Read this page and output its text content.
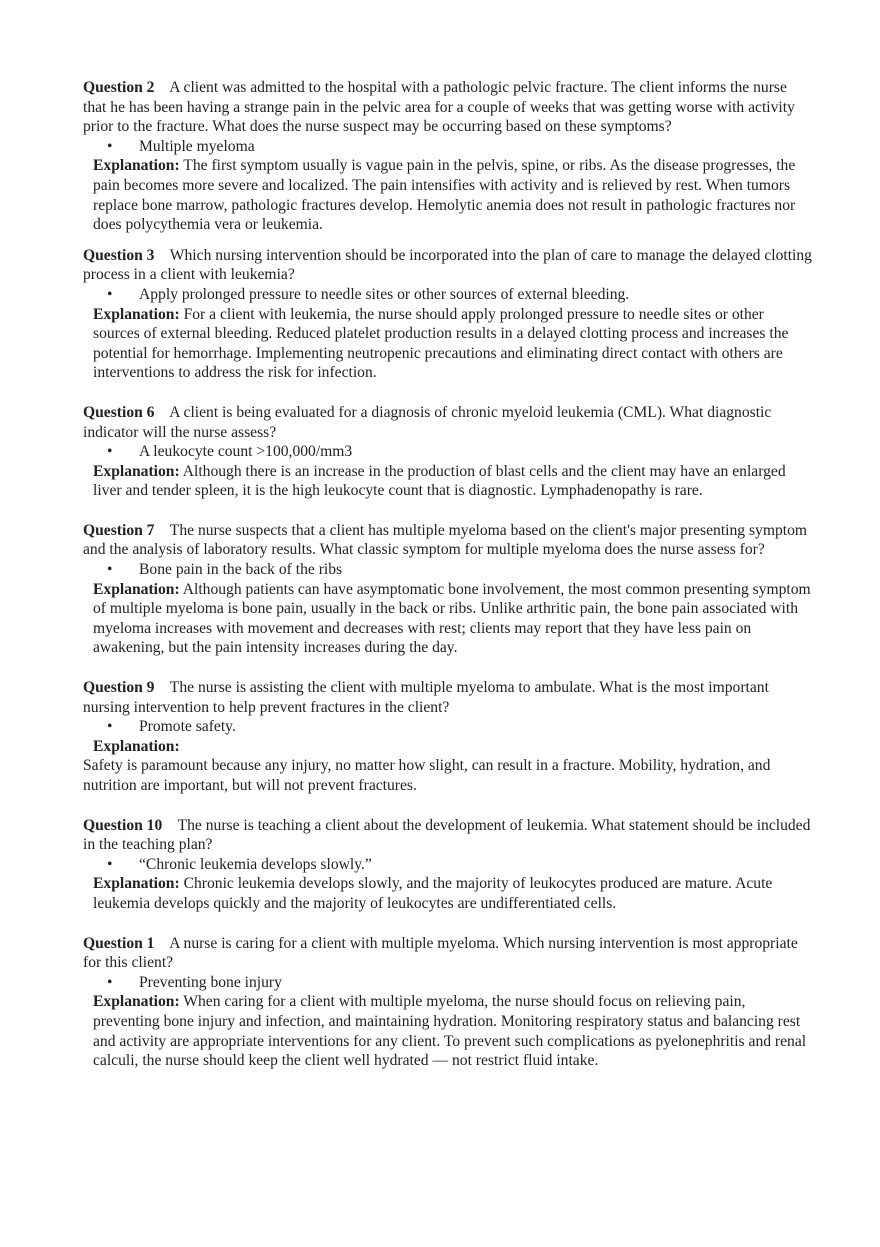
Question 2 A client was admitted to the hospital with a pathologic pelvic fracture. The client informs the nurse that he has been having a strange pain in the pelvic area for a couple of weeks that was getting worse with activity prior to the fracture. What does the nurse suspect may be occurring based on these symptoms?
• Multiple myeloma
Explanation: The first symptom usually is vague pain in the pelvis, spine, or ribs. As the disease progresses, the pain becomes more severe and localized. The pain intensifies with activity and is relieved by rest. When tumors replace bone marrow, pathologic fractures develop. Hemolytic anemia does not result in pathologic fractures nor does polycythemia vera or leukemia.
Question 3 Which nursing intervention should be incorporated into the plan of care to manage the delayed clotting process in a client with leukemia?
• Apply prolonged pressure to needle sites or other sources of external bleeding.
Explanation: For a client with leukemia, the nurse should apply prolonged pressure to needle sites or other sources of external bleeding. Reduced platelet production results in a delayed clotting process and increases the potential for hemorrhage. Implementing neutropenic precautions and eliminating direct contact with others are interventions to address the risk for infection.
Question 6 A client is being evaluated for a diagnosis of chronic myeloid leukemia (CML). What diagnostic indicator will the nurse assess?
• A leukocyte count >100,000/mm3
Explanation: Although there is an increase in the production of blast cells and the client may have an enlarged liver and tender spleen, it is the high leukocyte count that is diagnostic. Lymphadenopathy is rare.
Question 7 The nurse suspects that a client has multiple myeloma based on the client's major presenting symptom and the analysis of laboratory results. What classic symptom for multiple myeloma does the nurse assess for?
• Bone pain in the back of the ribs
Explanation: Although patients can have asymptomatic bone involvement, the most common presenting symptom of multiple myeloma is bone pain, usually in the back or ribs. Unlike arthritic pain, the bone pain associated with myeloma increases with movement and decreases with rest; clients may report that they have less pain on awakening, but the pain intensity increases during the day.
Question 9 The nurse is assisting the client with multiple myeloma to ambulate. What is the most important nursing intervention to help prevent fractures in the client?
• Promote safety.
Explanation:
Safety is paramount because any injury, no matter how slight, can result in a fracture. Mobility, hydration, and nutrition are important, but will not prevent fractures.
Question 10 The nurse is teaching a client about the development of leukemia. What statement should be included in the teaching plan?
• “Chronic leukemia develops slowly.”
Explanation: Chronic leukemia develops slowly, and the majority of leukocytes produced are mature. Acute leukemia develops quickly and the majority of leukocytes are undifferentiated cells.
Question 1 A nurse is caring for a client with multiple myeloma. Which nursing intervention is most appropriate for this client?
• Preventing bone injury
Explanation: When caring for a client with multiple myeloma, the nurse should focus on relieving pain, preventing bone injury and infection, and maintaining hydration. Monitoring respiratory status and balancing rest and activity are appropriate interventions for any client. To prevent such complications as pyelonephritis and renal calculi, the nurse should keep the client well hydrated — not restrict fluid intake.
